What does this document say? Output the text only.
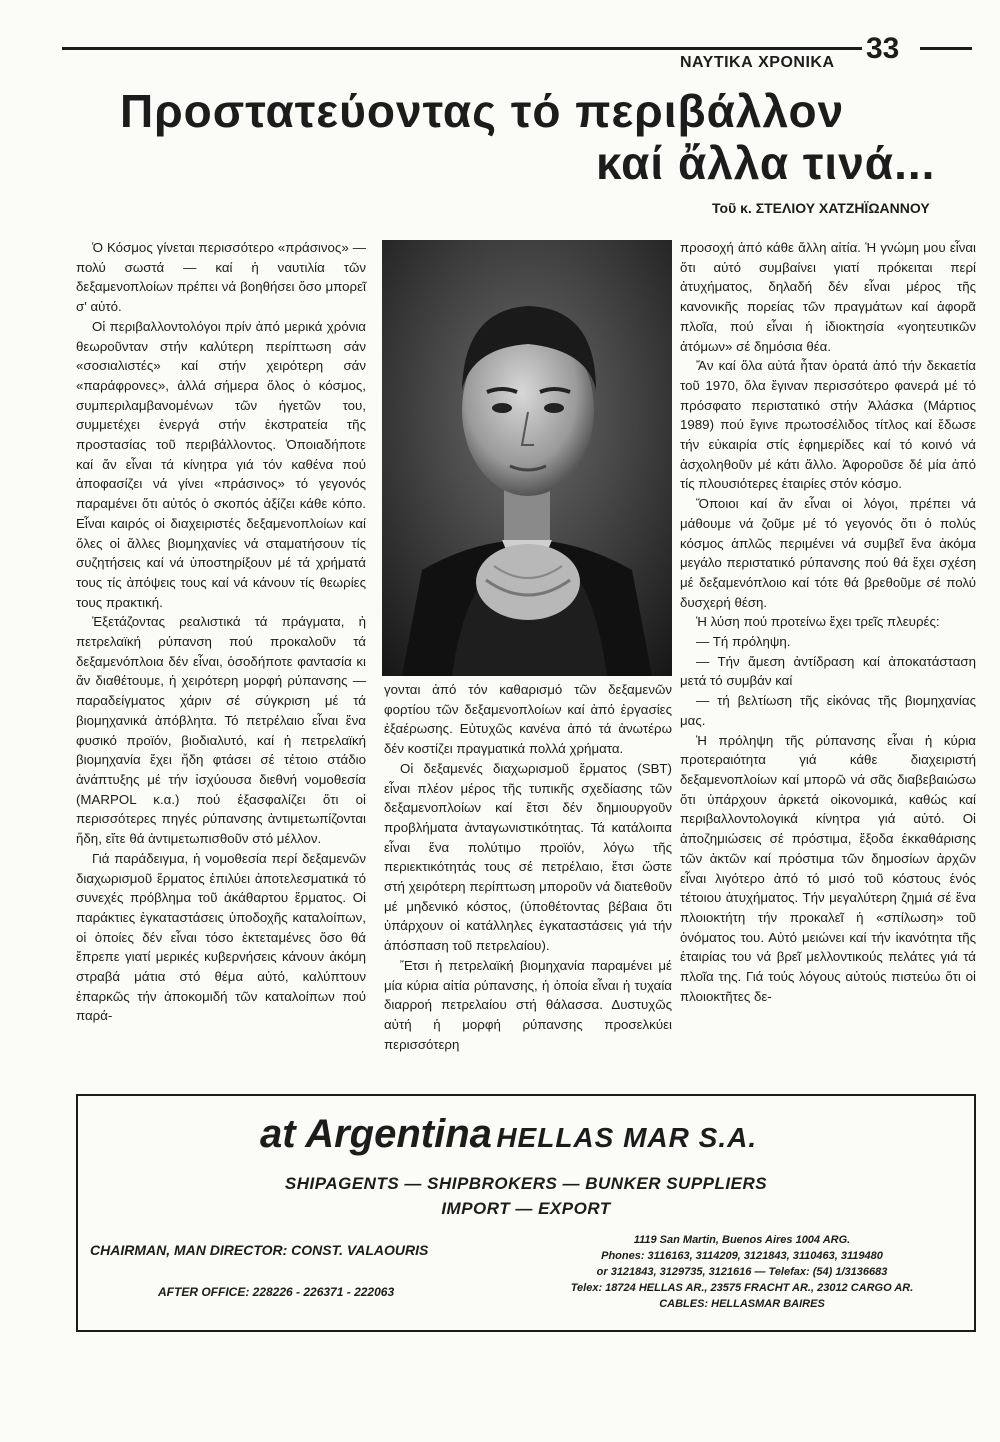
ΝΑΥΤΙΚΑ ΧΡΟΝΙΚΑ 33
Προστατεύοντας τό περιβάλλον
καί ἄλλα τινά...
Τοῦ κ. ΣΤΕΛΙΟΥ ΧΑΤΖΗΪΩΑΝΝΟΥ

Ὁ Κόσμος γίνεται περισσότερο «πράσινος» — πολύ σωστά — καί ἡ ναυτιλία τῶν δεξαμενοπλοίων πρέπει νά βοηθήσει ὅσο μπορεῖ σ' αὐτό.

Οἱ περιβαλλοντολόγοι πρίν ἀπό μερικά χρόνια θεωροῦνταν στήν καλύτερη περίπτωση σάν «σοσιαλιστές» καί στήν χειρότερη σάν «παράφρονες», ἀλλά σήμερα ὅλος ὁ κόσμος, συμπεριλαμβανομένων τῶν ἡγετῶν του, συμμετέχει ἐνεργά στήν ἐκστρατεία τῆς προστασίας τοῦ περιβάλλοντος. Ὁποιαδήποτε καί ἄν εἶναι τά κίνητρα γιά τόν καθένα πού ἀποφασίζει νά γίνει «πράσινος» τό γεγονός παραμένει ὅτι αὐτός ὁ σκοπός ἀξίζει κάθε κόπο. Εἶναι καιρός οἱ διαχειριστές δεξαμενοπλοίων καί ὅλες οἱ ἄλλες βιομηχανίες νά σταματήσουν τίς συζητήσεις καί νά ὑποστηρίξουν μέ τά χρήματά τους τίς ἀπόψεις τους καί νά κάνουν τίς θεωρίες τους πρακτική.

Ἐξετάζοντας ρεαλιστικά τά πράγματα, ἡ πετρελαϊκή ρύπανση πού προκαλοῦν τά δεξαμενόπλοια δέν εἶναι, ὁσοδήποτε φαντασία κι ἄν διαθέτουμε, ἡ χειρότερη μορφή ρύπανσης — παραδείγματος χάριν σέ σύγκριση μέ τά βιομηχανικά ἀπόβλητα. Τό πετρέλαιο εἶναι ἕνα φυσικό προϊόν, βιοδιαλυτό, καί ἡ πετρελαϊκή βιομηχανία ἔχει ἤδη φτάσει σέ τέτοιο στάδιο ἀνάπτυξης μέ τήν ἰσχύουσα διεθνή νομοθεσία (MARPOL κ.α.) πού ἐξασφαλίζει ὅτι οἱ περισσότερες πηγές ρύπανσης ἀντιμετωπίζονται ἤδη, εἴτε θά ἀντιμετωπισθοῦν στό μέλλον.

Γιά παράδειγμα, ἡ νομοθεσία περί δεξαμενῶν διαχωρισμοῦ ἕρματος ἐπιλύει ἀποτελεσματικά τό συνεχές πρόβλημα τοῦ ἀκάθαρτου ἕρματος. Οἱ παράκτιες ἐγκαταστάσεις ὑποδοχῆς καταλοίπων, οἱ ὁποίες δέν εἶναι τόσο ἐκτεταμένες ὅσο θά ἔπρεπε γιατί μερικές κυβερνήσεις κάνουν ἀκόμη στραβά μάτια στό θέμα αὐτό, καλύπτουν ἐπαρκῶς τήν ἀποκομιδή τῶν καταλοίπων πού παρά-

γονται ἀπό τόν καθαρισμό τῶν δεξαμενῶν φορτίου τῶν δεξαμενοπλοίων καί ἀπό ἐργασίες ἐξαέρωσης. Εὐτυχῶς κανένα ἀπό τά ἀνωτέρω δέν κοστίζει πραγματικά πολλά χρήματα.

Οἱ δεξαμενές διαχωρισμοῦ ἕρματος (SBT) εἶναι πλέον μέρος τῆς τυπικῆς σχεδίασης τῶν δεξαμενοπλοίων καί ἔτσι δέν δημιουργοῦν προβλήματα ἀνταγωνιστικότητας. Τά κατάλοιπα εἶναι ἕνα πολύτιμο προϊόν, λόγω τῆς περιεκτικότητάς τους σέ πετρέλαιο, ἔτσι ὥστε στή χειρότερη περίπτωση μποροῦν νά διατεθοῦν μέ μηδενικό κόστος, (ὑποθέτοντας βέβαια ὅτι ὑπάρχουν οἱ κατάλληλες ἐγκαταστάσεις γιά τήν ἀπόσπαση τοῦ πετρελαίου).

Ἔτσι ἡ πετρελαϊκή βιομηχανία παραμένει μέ μία κύρια αἰτία ρύπανσης, ἡ ὁποία εἶναι ἡ τυχαία διαρροή πετρελαίου στή θάλασσα. Δυστυχῶς αὐτή ἡ μορφή ρύπανσης προσελκύει περισσότερη

προσοχή ἀπό κάθε ἄλλη αἰτία. Ἡ γνώμη μου εἶναι ὅτι αὐτό συμβαίνει γιατί πρόκειται περί ἀτυχήματος, δηλαδή δέν εἶναι μέρος τῆς κανονικῆς πορείας τῶν πραγμάτων καί ἀφορᾶ πλοῖα, πού εἶναι ἡ ἰδιοκτησία «γοητευτικῶν ἀτόμων» σέ δημόσια θέα.

Ἄν καί ὅλα αὐτά ἦταν ὁρατά ἀπό τήν δεκαετία τοῦ 1970, ὅλα ἔγιναν περισσότερο φανερά μέ τό πρόσφατο περιστατικό στήν Ἀλάσκα (Μάρτιος 1989) πού ἔγινε πρωτοσέλιδος τίτλος καί ἔδωσε τήν εὐκαιρία στίς ἐφημερίδες καί τό κοινό νά ἀσχοληθοῦν μέ κάτι ἄλλο. Ἀφοροῦσε δέ μία ἀπό τίς πλουσιότερες ἑταιρίες στόν κόσμο.

Ὅποιοι καί ἄν εἶναι οἱ λόγοι, πρέπει νά μάθουμε νά ζοῦμε μέ τό γεγονός ὅτι ὁ πολύς κόσμος ἁπλῶς περιμένει νά συμβεῖ ἕνα ἀκόμα μεγάλο περιστατικό ρύπανσης πού θά ἔχει σχέση μέ δεξαμενόπλοιο καί τότε θά βρεθοῦμε σέ πολύ δυσχερή θέση.

Ἡ λύση πού προτείνω ἔχει τρεῖς πλευρές:

— Τή πρόληψη.

— Τήν ἄμεση ἀντίδραση καί ἀποκατάσταση μετά τό συμβάν καί

— τή βελτίωση τῆς εἰκόνας τῆς βιομηχανίας μας.

Ἡ πρόληψη τῆς ρύπανσης εἶναι ἡ κύρια προτεραιότητα γιά κάθε διαχειριστή δεξαμενοπλοίων καί μπορῶ νά σᾶς διαβεβαιώσω ὅτι ὑπάρχουν ἀρκετά οἰκονομικά, καθώς καί περιβαλλοντολογικά κίνητρα γιά αὐτό. Οἱ ἀποζημιώσεις σέ πρόστιμα, ἔξοδα ἐκκαθάρισης τῶν ἀκτῶν καί πρόστιμα τῶν δημοσίων ἀρχῶν εἶναι λιγότερο ἀπό τό μισό τοῦ κόστους ἑνός τέτοιου ἀτυχήματος. Τήν μεγαλύτερη ζημιά σέ ἕνα πλοιοκτήτη τήν προκαλεῖ ἡ «σπίλωση» τοῦ ὀνόματος του. Αὐτό μειώνει καί τήν ἱκανότητα τῆς ἑταιρίας του νά βρεῖ μελλοντικούς πελάτες γιά τά πλοῖα της. Γιά τούς λόγους αὐτούς πιστεύω ὅτι οἱ πλοιοκτῆτες δε-

at Argentina HELLAS MAR S.A.
SHIPAGENTS — SHIPBROKERS — BUNKER SUPPLIERS
IMPORT — EXPORT
CHAIRMAN, MAN DIRECTOR: CONST. VALAOURIS
AFTER OFFICE: 228226 - 226371 - 222063
1119 San Martin, Buenos Aires 1004 ARG.
Phones: 3116163, 3114209, 3121843, 3110463, 3119480
or 3121843, 3129735, 3121616 — Telefax: (54) 1/3136683
Telex: 18724 HELLAS AR., 23575 FRACHT AR., 23012 CARGO AR.
CABLES: HELLASMAR BAIRES
